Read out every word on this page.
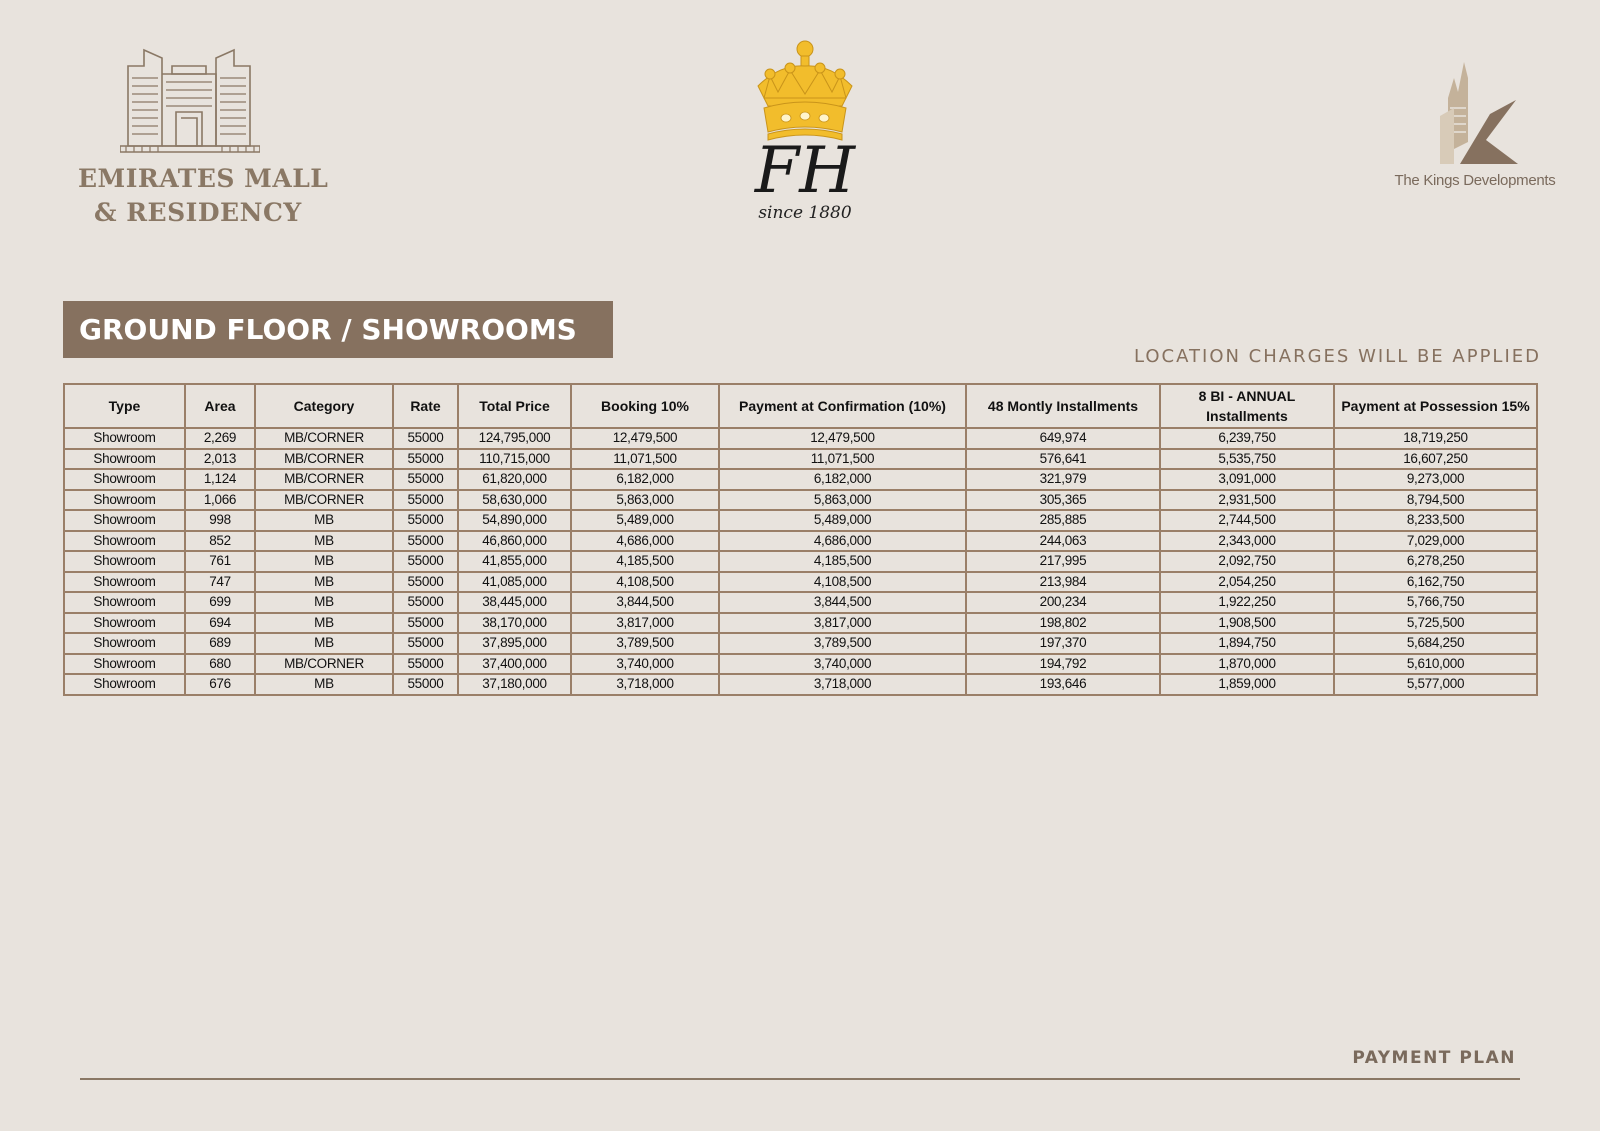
EMIRATES MALL
& RESIDENCY
FH
since 1880
The Kings Developments
GROUND FLOOR / SHOWROOMS
LOCATION CHARGES WILL BE APPLIED
Type	Area	Category	Rate	Total Price	Booking 10%	Payment at Confirmation (10%)	48 Montly Installments	8 BI - ANNUAL Installments	Payment at Possession 15%
Showroom	2,269	MB/CORNER	55000	124,795,000	12,479,500	12,479,500	649,974	6,239,750	18,719,250
Showroom	2,013	MB/CORNER	55000	110,715,000	11,071,500	11,071,500	576,641	5,535,750	16,607,250
Showroom	1,124	MB/CORNER	55000	61,820,000	6,182,000	6,182,000	321,979	3,091,000	9,273,000
Showroom	1,066	MB/CORNER	55000	58,630,000	5,863,000	5,863,000	305,365	2,931,500	8,794,500
Showroom	998	MB	55000	54,890,000	5,489,000	5,489,000	285,885	2,744,500	8,233,500
Showroom	852	MB	55000	46,860,000	4,686,000	4,686,000	244,063	2,343,000	7,029,000
Showroom	761	MB	55000	41,855,000	4,185,500	4,185,500	217,995	2,092,750	6,278,250
Showroom	747	MB	55000	41,085,000	4,108,500	4,108,500	213,984	2,054,250	6,162,750
Showroom	699	MB	55000	38,445,000	3,844,500	3,844,500	200,234	1,922,250	5,766,750
Showroom	694	MB	55000	38,170,000	3,817,000	3,817,000	198,802	1,908,500	5,725,500
Showroom	689	MB	55000	37,895,000	3,789,500	3,789,500	197,370	1,894,750	5,684,250
Showroom	680	MB/CORNER	55000	37,400,000	3,740,000	3,740,000	194,792	1,870,000	5,610,000
Showroom	676	MB	55000	37,180,000	3,718,000	3,718,000	193,646	1,859,000	5,577,000
PAYMENT PLAN
